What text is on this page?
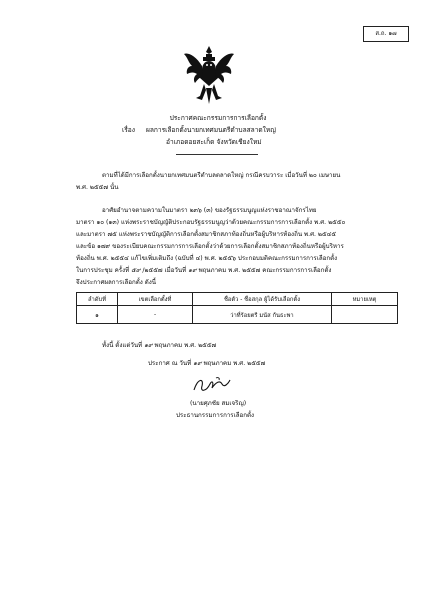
ส.ถ. ๑๗
ประกาศคณะกรรมการการเลือกตั้ง
เรื่อง ผลการเลือกตั้งนายกเทศมนตรีตำบลสลาดใหญ่
อำเภอดอยสะเก็ด จังหวัดเชียงใหม่
ตามที่ได้มีการเลือกตั้งนายกเทศมนตรีตำบลตลาดใหญ่ กรณีครบวาระ เมื่อวันที่ ๒๐ เมษายน
พ.ศ. ๒๕๕๗ นั้น
อาศัยอำนาจตามความในมาตรา ๒๓๖ (๓) ของรัฐธรรมนูญแห่งราชอาณาจักรไทย
มาตรา ๑๐ (๑๓) แห่งพระราชบัญญัติประกอบรัฐธรรมนูญว่าด้วยคณะกรรมการการเลือกตั้ง พ.ศ. ๒๕๕๐
และมาตรา ๗๕ แห่งพระราชบัญญัติการเลือกตั้งสมาชิกสภาท้องถิ่นหรือผู้บริหารท้องถิ่น พ.ศ. ๒๕๔๕
และข้อ ๑๗๙ ของระเบียบคณะกรรมการการเลือกตั้งว่าด้วยการเลือกตั้งสมาชิกสภาท้องถิ่นหรือผู้บริหาร
ท้องถิ่น พ.ศ. ๒๕๕๔ แก้ไขเพิ่มเติมถึง (ฉบับที่ ๔) พ.ศ. ๒๕๕๖ ประกอบมติคณะกรรมการการเลือกตั้ง
ในการประชุม ครั้งที่ ๕๙ /๒๕๕๗ เมื่อวันที่ ๑๙ พฤษภาคม พ.ศ. ๒๕๕๗ คณะกรรมการการเลือกตั้ง
จึงประกาศผลการเลือกตั้ง ดังนี้
ลำดับที่	เขตเลือกตั้งที่	ชื่อตัว - ชื่อสกุล ผู้ได้รับเลือกตั้ง	หมายเหตุ
๑	-	ว่าที่ร้อยตรี มนัส กันธะพา	
ทั้งนี้ ตั้งแต่วันที่ ๑๙ พฤษภาคม พ.ศ. ๒๕๕๗
ประกาศ ณ วันที่ ๑๙ พฤษภาคม พ.ศ. ๒๕๕๗
(นายศุภชัย สมเจริญ)
ประธานกรรมการการเลือกตั้ง
